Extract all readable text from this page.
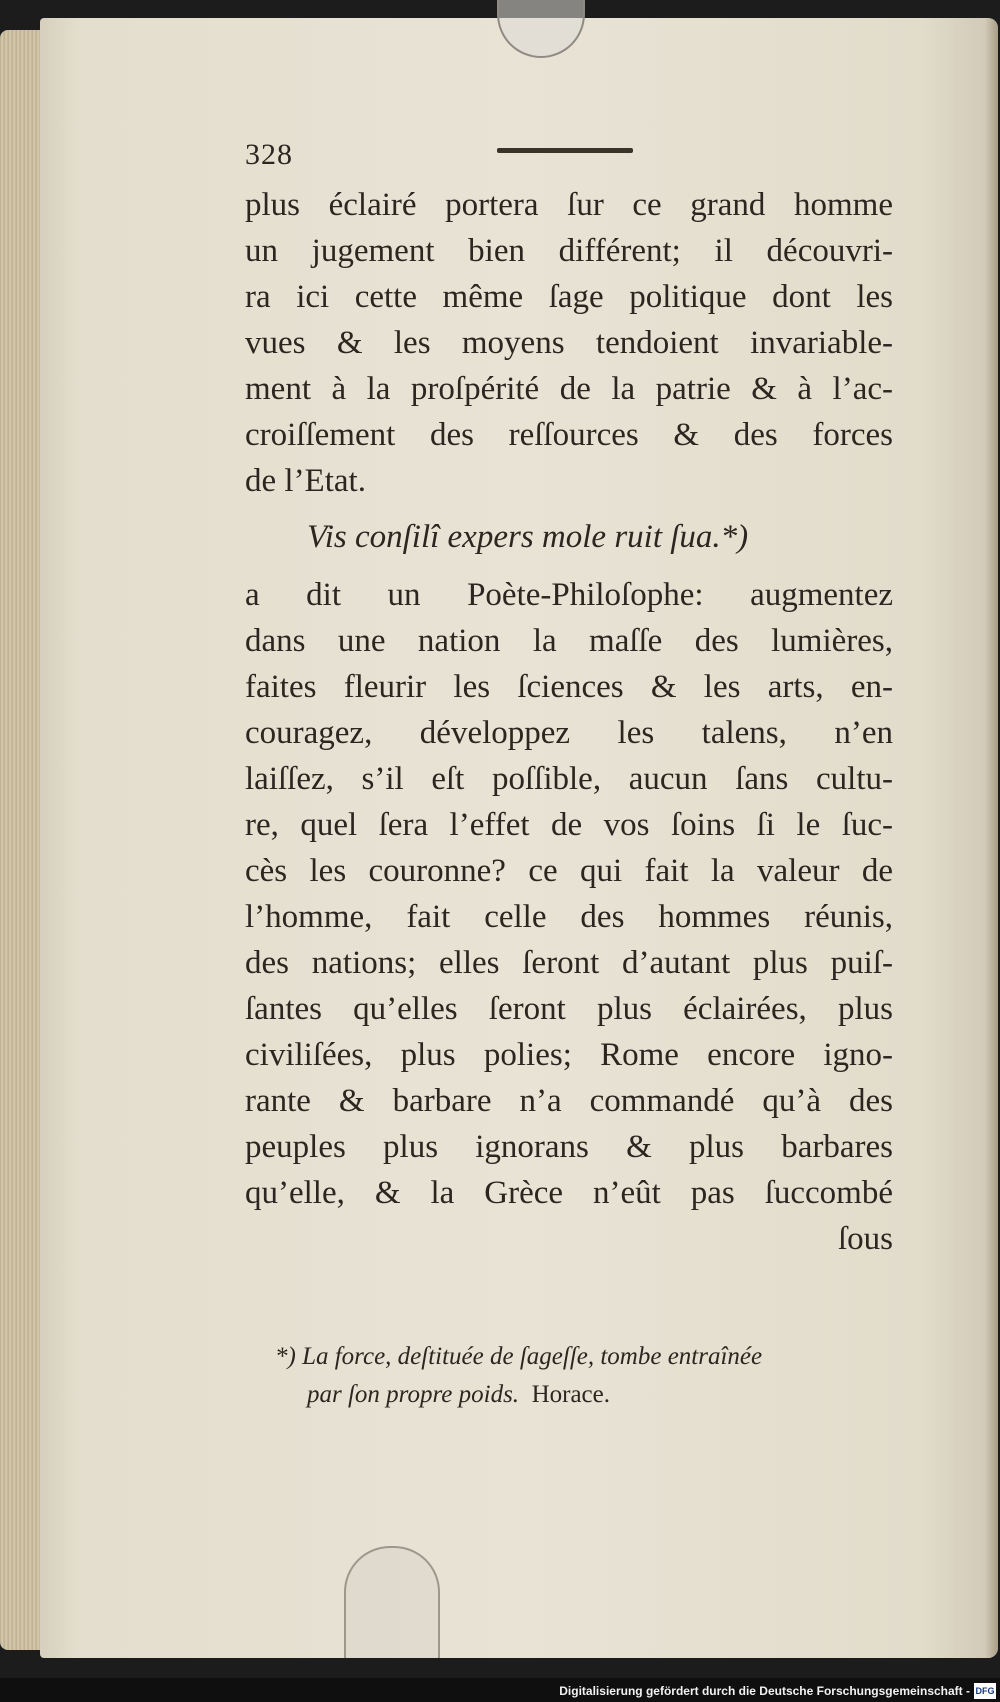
328
plus éclairé portera ſur ce grand homme
un jugement bien différent; il découvri-
ra ici cette même ſage politique dont les
vues & les moyens tendoient invariable-
ment à la proſpérité de la patrie & à l’ac-
croiſſement des reſſources & des forces
de l’Etat.
Vis conſilî expers mole ruit ſua.*)
a dit un Poète-Philoſophe: augmentez
dans une nation la maſſe des lumières,
faites fleurir les ſciences & les arts, en-
couragez, développez les talens, n’en
laiſſez, s’il eſt poſſible, aucun ſans cultu-
re, quel ſera l’effet de vos ſoins ſi le ſuc-
cès les couronne? ce qui fait la valeur de
l’homme, fait celle des hommes réunis,
des nations; elles ſeront d’autant plus puiſ-
ſantes qu’elles ſeront plus éclairées, plus
civiliſées, plus polies; Rome encore igno-
rante & barbare n’a commandé qu’à des
peuples plus ignorans & plus barbares
qu’elle, & la Grèce n’eût pas ſuccombé
ſous
*) La force, deſtituée de ſageſſe, tombe entraînée
par ſon propre poids. Horace.
Digitalisierung gefördert durch die Deutsche Forschungsgemeinschaft - DFG
